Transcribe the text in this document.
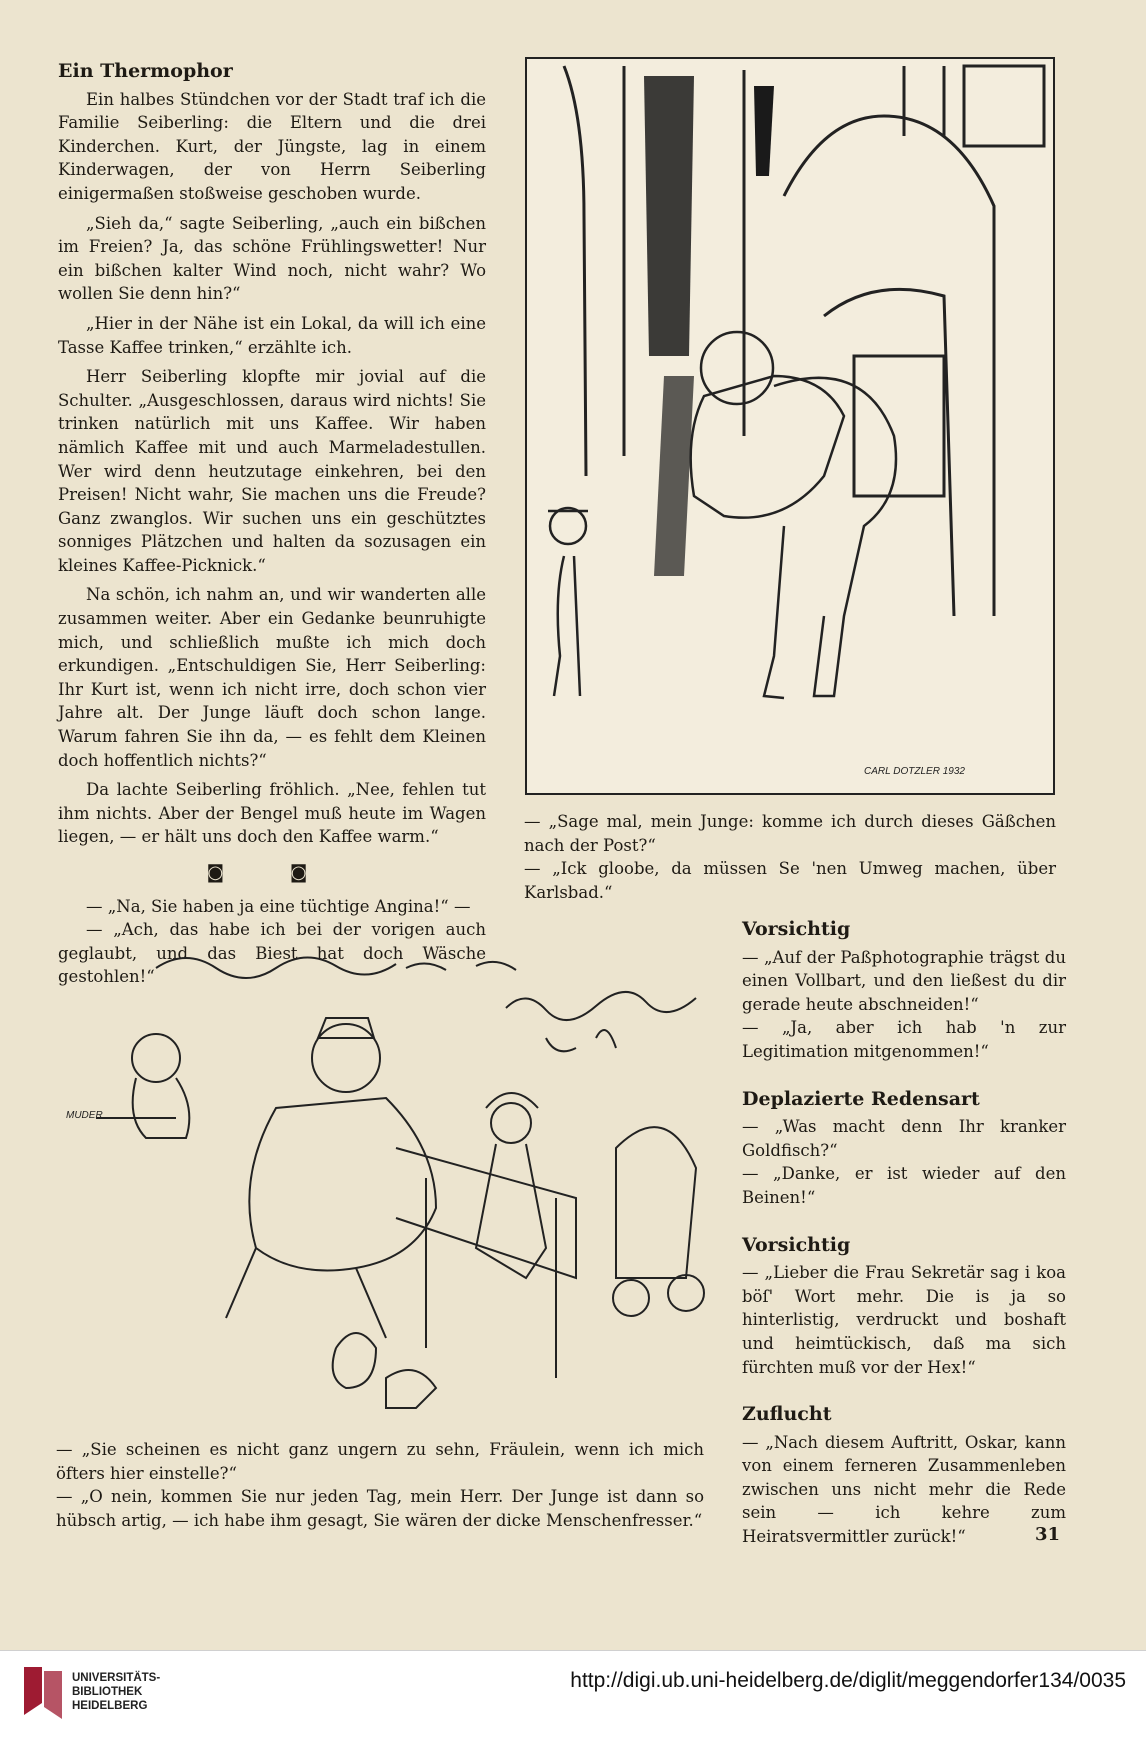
Ein Thermophor

Ein halbes Stündchen vor der Stadt traf ich die Familie Seiberling: die Eltern und die drei Kinderchen. Kurt, der Jüngste, lag in einem Kinderwagen, der von Herrn Seiberling einigermaßen stoßweise geschoben wurde.

„Sieh da,“ sagte Seiberling, „auch ein bißchen im Freien? Ja, das schöne Frühlingswetter! Nur ein bißchen kalter Wind noch, nicht wahr? Wo wollen Sie denn hin?“

„Hier in der Nähe ist ein Lokal, da will ich eine Tasse Kaffee trinken,“ erzählte ich.

Herr Seiberling klopfte mir jovial auf die Schulter. „Ausgeschlossen, daraus wird nichts! Sie trinken natürlich mit uns Kaffee. Wir haben nämlich Kaffee mit und auch Marmeladestullen. Wer wird denn heutzutage einkehren, bei den Preisen! Nicht wahr, Sie machen uns die Freude? Ganz zwanglos. Wir suchen uns ein geschütztes sonniges Plätzchen und halten da sozusagen ein kleines Kaffee-Picknick.“

Na schön, ich nahm an, und wir wanderten alle zusammen weiter. Aber ein Gedanke beunruhigte mich, und schließlich mußte ich mich doch erkundigen. „Entschuldigen Sie, Herr Seiberling: Ihr Kurt ist, wenn ich nicht irre, doch schon vier Jahre alt. Der Junge läuft doch schon lange. Warum fahren Sie ihn da, — es fehlt dem Kleinen doch hoffentlich nichts?“

Da lachte Seiberling fröhlich. „Nee, fehlen tut ihm nichts. Aber der Bengel muß heute im Wagen liegen, — er hält uns doch den Kaffee warm.“

◙ ◙

— „Na, Sie haben ja eine tüchtige Angina!“ —

— „Ach, das habe ich bei der vorigen auch geglaubt, und das Biest hat doch Wäsche gestohlen!“

CARL DOTZLER 1932

— „Sage mal, mein Junge: komme ich durch dieses Gäßchen nach der Post?“

— „Ick gloobe, da müssen Se 'nen Umweg machen, über Karlsbad.“

MUDER

— „Sie scheinen es nicht ganz ungern zu sehn, Fräulein, wenn ich mich öfters hier einstelle?“

— „O nein, kommen Sie nur jeden Tag, mein Herr. Der Junge ist dann so hübsch artig, — ich habe ihm gesagt, Sie wären der dicke Menschenfresser.“

Vorsichtig

— „Auf der Paßphotographie trägst du einen Vollbart, und den ließest du dir gerade heute abschneiden!“

— „Ja, aber ich hab 'n zur Legitimation mitgenommen!“

Deplazierte Redensart

— „Was macht denn Ihr kranker Goldfisch?“

— „Danke, er ist wieder auf den Beinen!“

Vorsichtig

— „Lieber die Frau Sekretär sag i koa böſ' Wort mehr. Die is ja so hinterlistig, verdruckt und boshaft und heimtückisch, daß ma sich fürchten muß vor der Hex!“

Zuflucht

— „Nach diesem Auftritt, Oskar, kann von einem ferneren Zusammenleben zwischen uns nicht mehr die Rede sein — ich kehre zum Heiratsvermittler zurück!“	31
UNIVERSITÄTS-
BIBLIOTHEK
HEIDELBERG
http://digi.ub.uni-heidelberg.de/diglit/meggendorfer134/0035
